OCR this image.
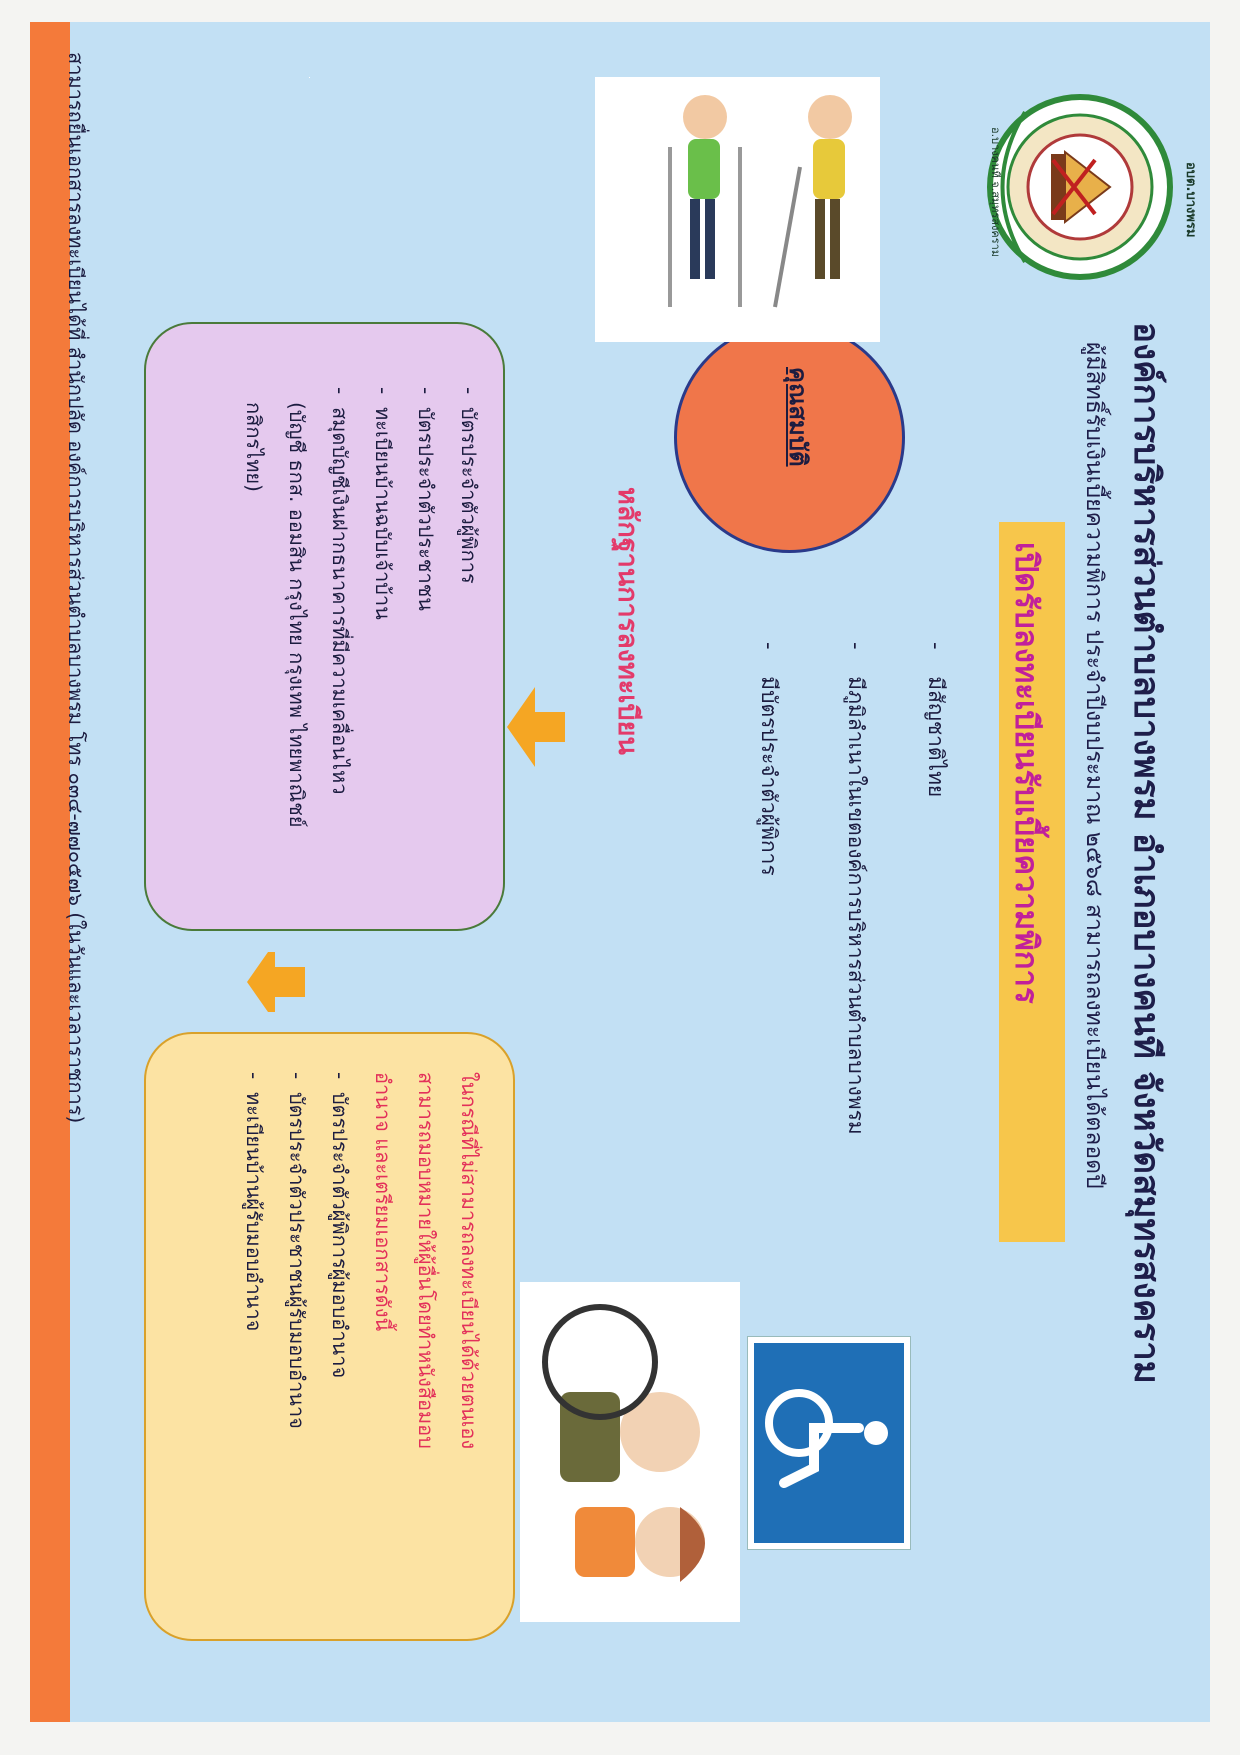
อบต.บางพรม
อ.บางคนที จ.สมุทรสงคราม
องค์การบริหารส่วนตำบลบางพรม อำเภอบางคนที จังหวัดสมุทรสงคราม
ผู้มีสิทธิ์รับเงินเบี้ยความพิการ ประจำปีงบประมาณ ๒๕๖๘ สามารถลงทะเบียนได้ตลอดปี
เปิดรับลงทะเบียนรับเบี้ยความพิการ
คุณสมบัติ
-    มีสัญชาติไทย
-    มีภูมิลำเนาในเขตองค์การบริหารส่วนตำบลบางพรม
-    มีบัตรประจำตัวผู้พิการ
หลักฐานการลงทะเบียน
-  บัตรประจำตัวผู้พิการ
-  บัตรประจำตัวประชาชน
-  ทะเบียนบ้านฉบับเจ้าบ้าน
-  สมุดบัญชีเงินฝากธนาคารที่มีความเคลื่อนไหว
(บัญชี ธกส. ออมสิน กรุงไทย กรุงเทพ ไทยพาณิชย์
กสิกรไทย)
ในกรณีที่ไม่สามารถลงทะเบียนได้ด้วยตนเอง
สามารถมอบหมายให้ผู้อื่นโดยทำหนังสือมอบ
อำนาจ และเตรียมเอกสารดังนี้
-  บัตรประจำตัวผู้พิการผู้มอบอำนาจ
-  บัตรประจำตัวประชาชนผู้รับมอบอำนาจ
-  ทะเบียนบ้านผู้รับมอบอำนาจ
สามารถยื่นเอกสารลงทะเบียนได้ที่ สำนักปลัด องค์การบริหารส่วนตำบลบางพรม โทร ๐๓๔-๗๗๐๕๗๖ (ในวันและเวลาราชการ)
